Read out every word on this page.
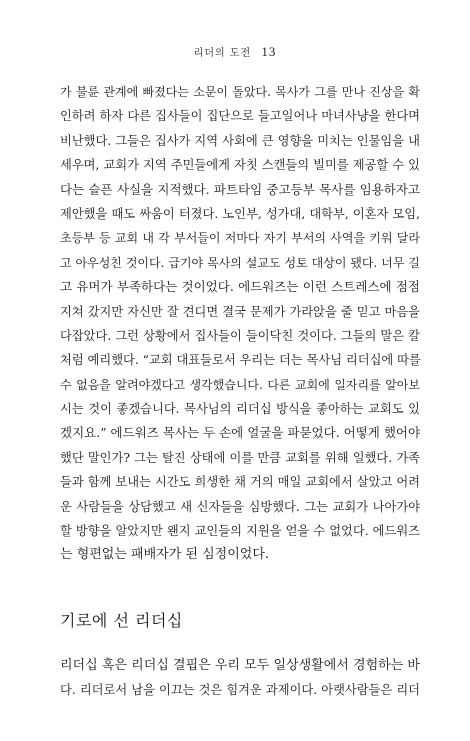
리더의 도전 13
가 불륜 관계에 빠졌다는 소문이 돌았다. 목사가 그를 만나 진상을 확
인하려 하자 다른 집사들이 집단으로 들고일어나 마녀사냥을 한다며
비난했다. 그들은 집사가 지역 사회에 큰 영향을 미치는 인물임을 내
세우며, 교회가 지역 주민들에게 자칫 스캔들의 빌미를 제공할 수 있
다는 슬픈 사실을 지적했다. 파트타임 중고등부 목사를 임용하자고
제안했을 때도 싸움이 터졌다. 노인부, 성가대, 대학부, 이혼자 모임,
초등부 등 교회 내 각 부서들이 저마다 자기 부서의 사역을 키워 달라
고 아우성친 것이다. 급기야 목사의 설교도 성토 대상이 됐다. 너무 길
고 유머가 부족하다는 것이었다. 에드워즈는 이런 스트레스에 점점
지쳐 갔지만 자신만 잘 견디면 결국 문제가 가라앉을 줄 믿고 마음을
다잡았다. 그런 상황에서 집사들이 들이닥친 것이다. 그들의 말은 칼
처럼 예리했다. “교회 대표들로서 우리는 더는 목사님 리더십에 따를
수 없음을 알려야겠다고 생각했습니다. 다른 교회에 일자리를 알아보
시는 것이 좋겠습니다. 목사님의 리더십 방식을 좋아하는 교회도 있
겠지요.” 에드워즈 목사는 두 손에 얼굴을 파묻었다. 어떻게 했어야
했단 말인가? 그는 탈진 상태에 이를 만큼 교회를 위해 일했다. 가족
들과 함께 보내는 시간도 희생한 채 거의 매일 교회에서 살았고 어려
운 사람들을 상담했고 새 신자들을 심방했다. 그는 교회가 나아가야
할 방향을 알았지만 왠지 교인들의 지원을 얻을 수 없었다. 에드워즈
는 형편없는 패배자가 된 심정이었다.
기로에 선 리더십
리더십 혹은 리더십 결핍은 우리 모두 일상생활에서 경험하는 바
다. 리더로서 남을 이끄는 것은 힘겨운 과제이다. 아랫사람들은 리더
